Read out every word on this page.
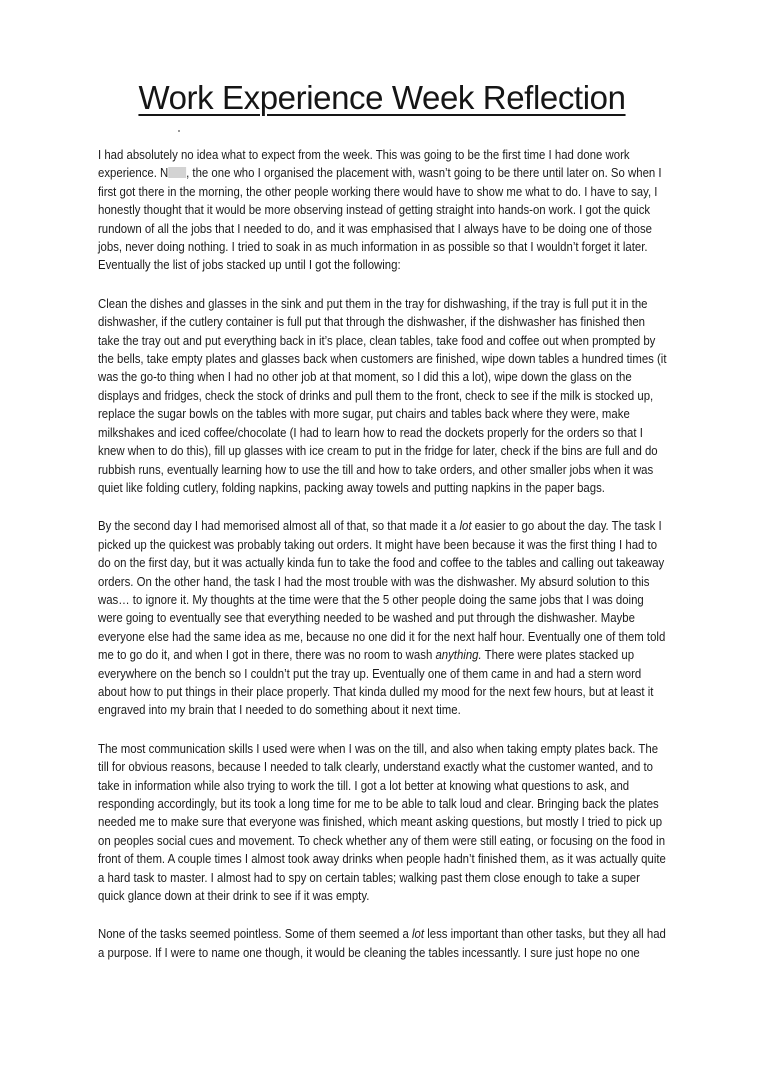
Work Experience Week Reflection

I had absolutely no idea what to expect from the week. This was going to be the first time I had done work experience. N , the one who I organised the placement with, wasn’t going to be there until later on. So when I first got there in the morning, the other people working there would have to show me what to do. I have to say, I honestly thought that it would be more observing instead of getting straight into hands-on work. I got the quick rundown of all the jobs that I needed to do, and it was emphasised that I always have to be doing one of those jobs, never doing nothing. I tried to soak in as much information in as possible so that I wouldn’t forget it later. Eventually the list of jobs stacked up until I got the following:

Clean the dishes and glasses in the sink and put them in the tray for dishwashing, if the tray is full put it in the dishwasher, if the cutlery container is full put that through the dishwasher, if the dishwasher has finished then take the tray out and put everything back in it’s place, clean tables, take food and coffee out when prompted by the bells, take empty plates and glasses back when customers are finished, wipe down tables a hundred times (it was the go-to thing when I had no other job at that moment, so I did this a lot), wipe down the glass on the displays and fridges, check the stock of drinks and pull them to the front, check to see if the milk is stocked up, replace the sugar bowls on the tables with more sugar, put chairs and tables back where they were, make milkshakes and iced coffee/chocolate (I had to learn how to read the dockets properly for the orders so that I knew when to do this), fill up glasses with ice cream to put in the fridge for later, check if the bins are full and do rubbish runs, eventually learning how to use the till and how to take orders, and other smaller jobs when it was quiet like folding cutlery, folding napkins, packing away towels and putting napkins in the paper bags.

By the second day I had memorised almost all of that, so that made it a lot easier to go about the day. The task I picked up the quickest was probably taking out orders. It might have been because it was the first thing I had to do on the first day, but it was actually kinda fun to take the food and coffee to the tables and calling out takeaway orders. On the other hand, the task I had the most trouble with was the dishwasher. My absurd solution to this was… to ignore it. My thoughts at the time were that the 5 other people doing the same jobs that I was doing were going to eventually see that everything needed to be washed and put through the dishwasher. Maybe everyone else had the same idea as me, because no one did it for the next half hour. Eventually one of them told me to go do it, and when I got in there, there was no room to wash anything. There were plates stacked up everywhere on the bench so I couldn’t put the tray up. Eventually one of them came in and had a stern word about how to put things in their place properly. That kinda dulled my mood for the next few hours, but at least it engraved into my brain that I needed to do something about it next time.

The most communication skills I used were when I was on the till, and also when taking empty plates back. The till for obvious reasons, because I needed to talk clearly, understand exactly what the customer wanted, and to take in information while also trying to work the till. I got a lot better at knowing what questions to ask, and responding accordingly, but its took a long time for me to be able to talk loud and clear. Bringing back the plates needed me to make sure that everyone was finished, which meant asking questions, but mostly I tried to pick up on peoples social cues and movement. To check whether any of them were still eating, or focusing on the food in front of them. A couple times I almost took away drinks when people hadn’t finished them, as it was actually quite a hard task to master. I almost had to spy on certain tables; walking past them close enough to take a super quick glance down at their drink to see if it was empty.

None of the tasks seemed pointless. Some of them seemed a lot less important than other tasks, but they all had a purpose. If I were to name one though, it would be cleaning the tables incessantly. I sure just hope no one
